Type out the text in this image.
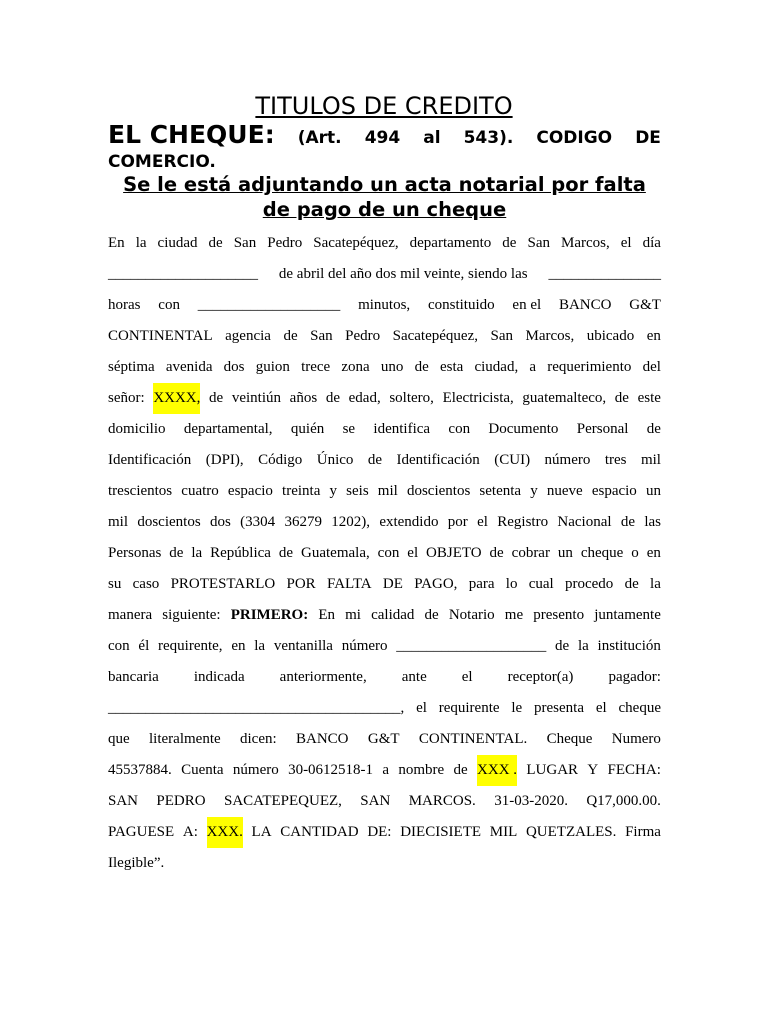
TITULOS DE CREDITO
EL CHEQUE: (Art. 494 al 543). CODIGO DE
COMERCIO.
Se le está adjuntando un acta notarial por falta de pago de un cheque
En la ciudad de San Pedro Sacatepéquez, departamento de San Marcos, el día
____________________ de abril del año dos mil veinte, siendo las _______________
horas con ___________________ minutos, constituido en el BANCO G&T
CONTINENTAL agencia de San Pedro Sacatepéquez, San Marcos, ubicado en
séptima avenida dos guion trece zona uno de esta ciudad, a requerimiento del
señor: XXXX, de veintiún años de edad, soltero, Electricista, guatemalteco, de este
domicilio departamental, quién se identifica con Documento Personal de
Identificación (DPI), Código Único de Identificación (CUI) número tres mil
trescientos cuatro espacio treinta y seis mil doscientos setenta y nueve espacio un
mil doscientos dos (3304 36279 1202), extendido por el Registro Nacional de las
Personas de la República de Guatemala, con el OBJETO de cobrar un cheque o en
su caso PROTESTARLO POR FALTA DE PAGO, para lo cual procedo de la
manera siguiente: PRIMERO: En mi calidad de Notario me presento juntamente
con él requirente, en la ventanilla número ____________________ de la institución
bancaria indicada anteriormente, ante el receptor(a) pagador:
_______________________________________, el requirente le presenta el cheque
que literalmente dicen: BANCO G&T CONTINENTAL. Cheque Numero
45537884. Cuenta número 30-0612518-1 a nombre de XXX . LUGAR Y FECHA:
SAN PEDRO SACATEPEQUEZ, SAN MARCOS. 31-03-2020. Q17,000.00.
PAGUESE A: XXX. LA CANTIDAD DE: DIECISIETE MIL QUETZALES. Firma
Ilegible”.
